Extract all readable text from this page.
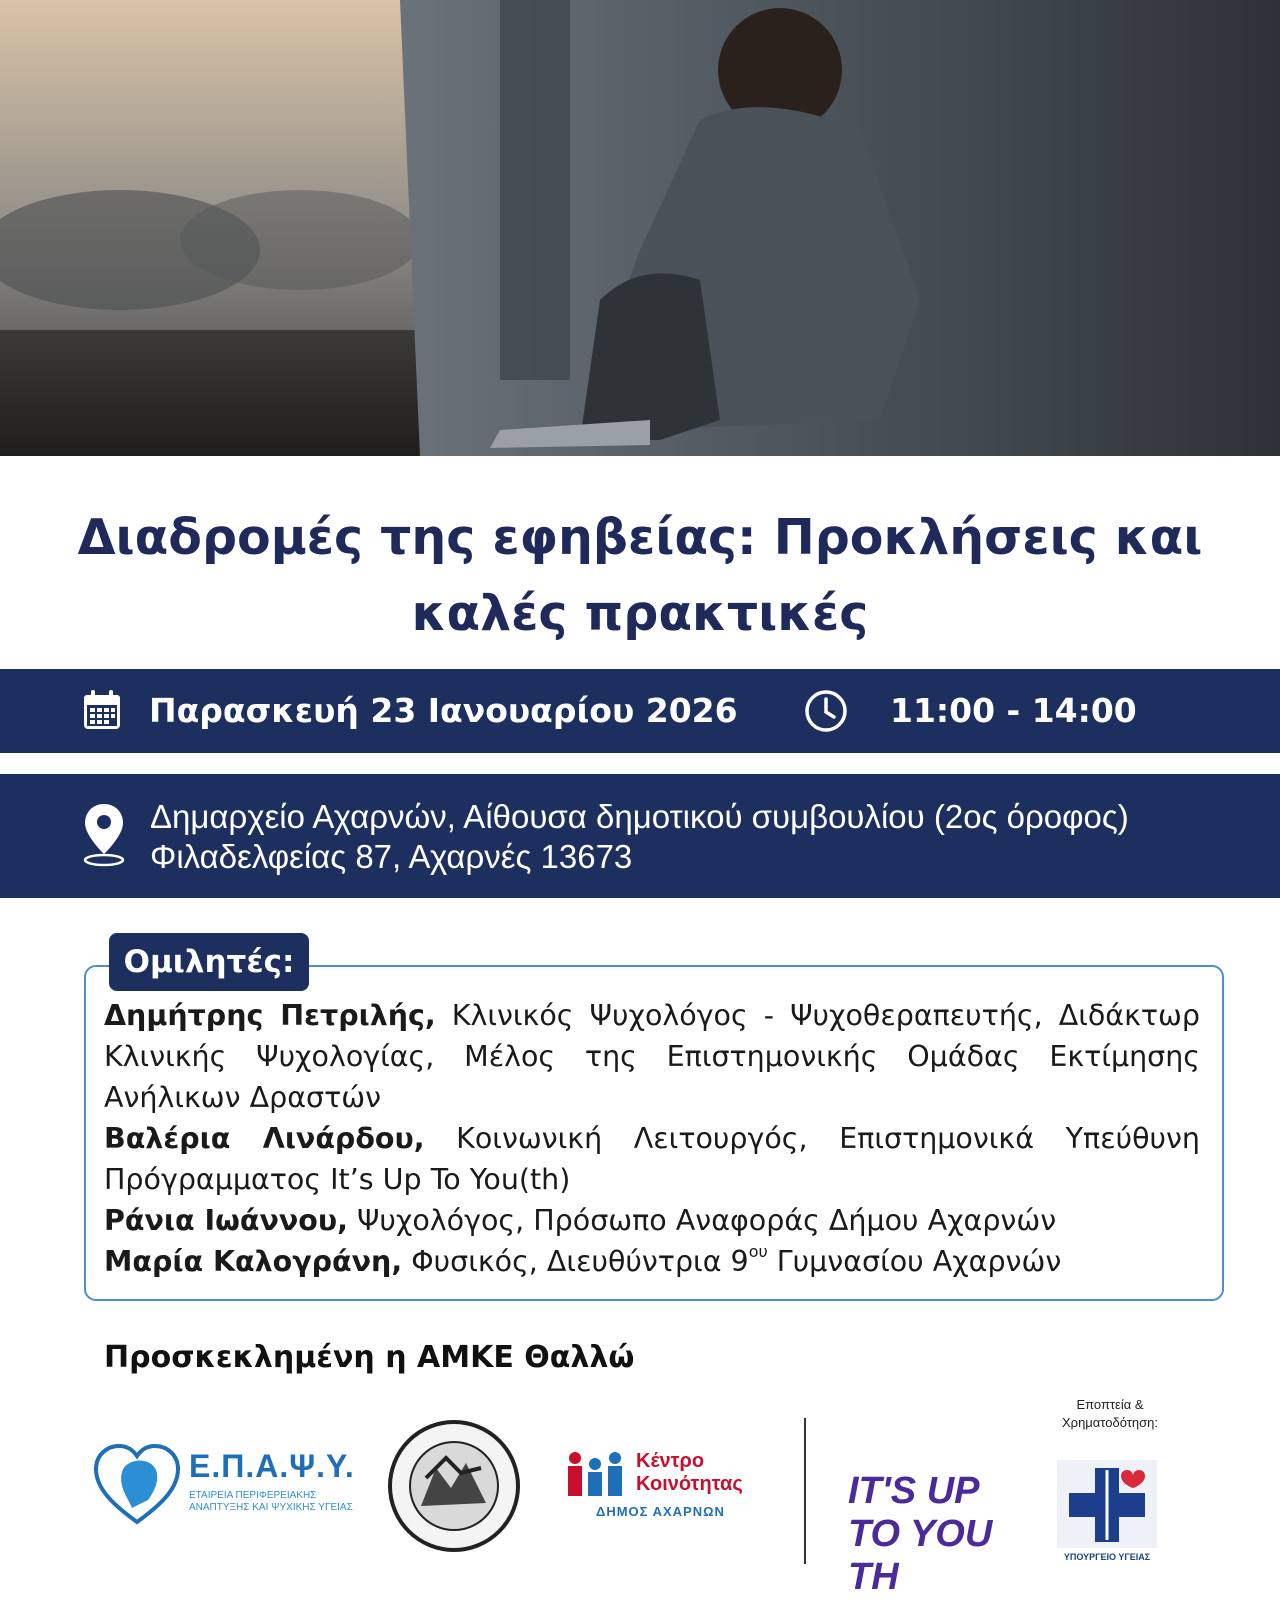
Διαδρομές της εφηβείας: Προκλήσεις και
καλές πρακτικές
Παρασκευή 23 Ιανουαρίου 2026	11:00 - 14:00
Δημαρχείο Αχαρνών, Αίθουσα δημοτικού συμβουλίου (2ος όροφος)
Φιλαδελφείας 87, Αχαρνές 13673
Ομιλητές:
Δημήτρης Πετριλής, Κλινικός Ψυχολόγος - Ψυχοθεραπευτής, Διδάκτωρ Κλινικής Ψυχολογίας, Μέλος της Επιστημονικής Ομάδας Εκτίμησης Ανήλικων Δραστών
Βαλέρια Λινάρδου, Κοινωνική Λειτουργός, Επιστημονικά Υπεύθυνη Πρόγραμματος It’s Up To You(th)
Ράνια Ιωάννου, Ψυχολόγος, Πρόσωπο Αναφοράς Δήμου Αχαρνών
Μαρία Καλογράνη, Φυσικός, Διευθύντρια $9^{o\upsilon}$ Γυμνασίου Αχαρνών
Προσκεκλημένη η ΑΜΚΕ Θαλλώ
Εποπτεία & Χρηματοδότηση:
Ε.Π.Α.Ψ.Υ.
ΕΤΑΙΡΕΙΑ ΠΕΡΙΦΕΡΕΙΑΚΗΣ ΑΝΑΠΤΥΞΗΣ ΚΑΙ ΨΥΧΙΚΗΣ ΥΓΕΙΑΣ
Κέντρο Κοινότητας
ΔΗΜΟΣ ΑΧΑΡΝΩΝ	IT'S UP TO YOU TH	ΥΠΟΥΡΓΕΙΟ ΥΓΕΙΑΣ
